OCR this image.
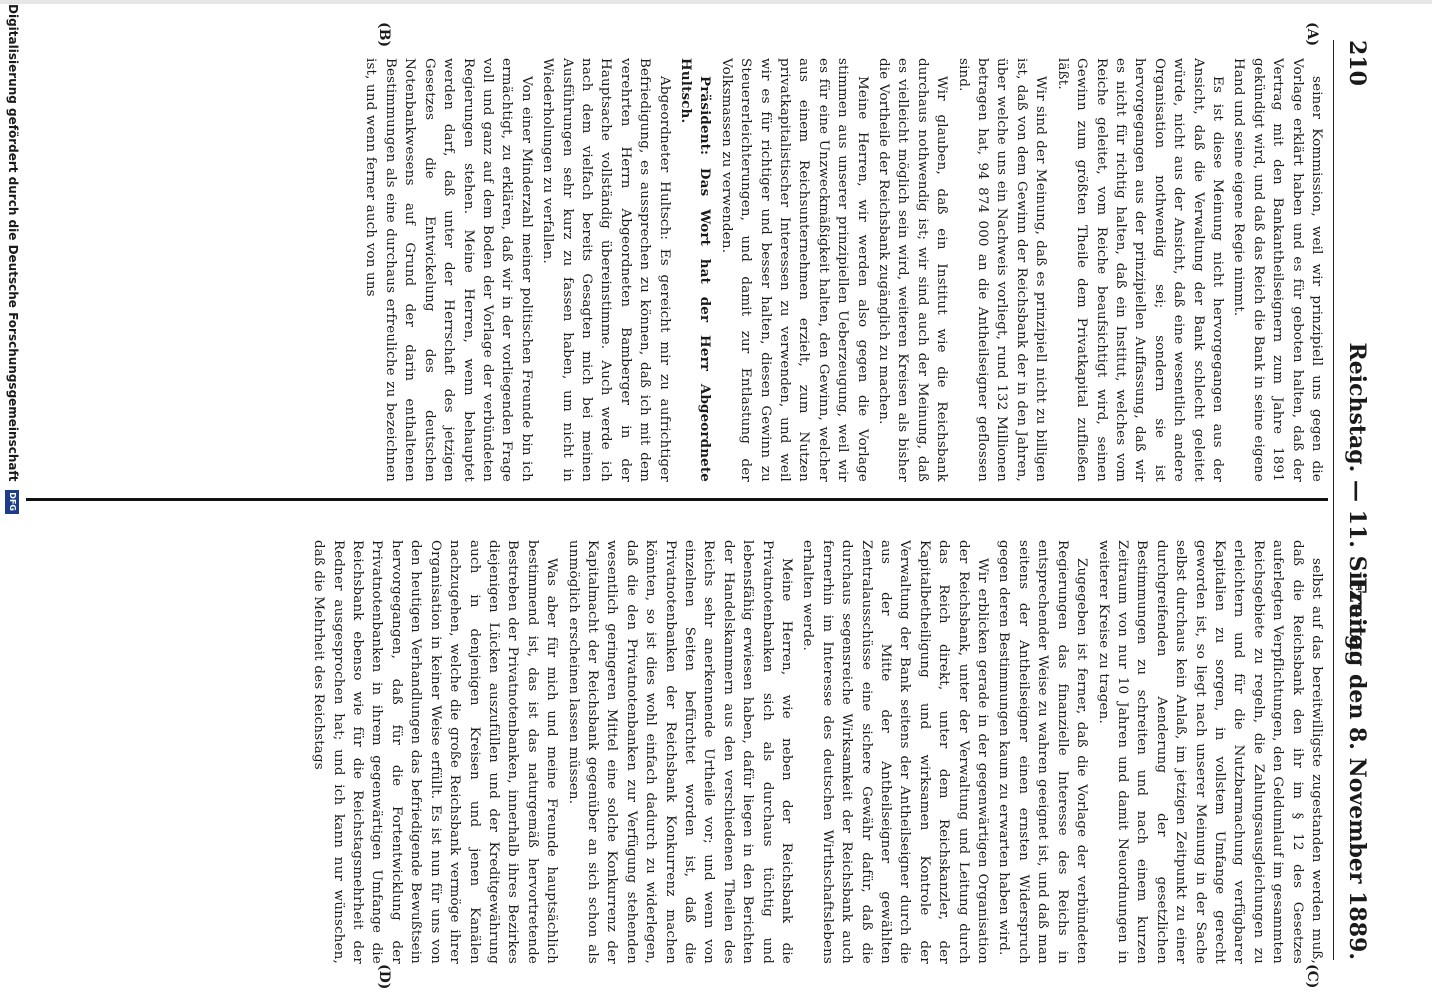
210
Reichstag. — 11. Sitzung.
Freitag den 8. November 1889.
(A)
(B)
(C)
(D)

seiner Kommission, weil wir prinzipiell uns gegen die Vorlage erklärt haben und es für geboten halten, daß der Vertrag mit den Bankantheilseignern zum Jahre 1891 gekündigt wird, und daß das Reich die Bank in seine eigene Hand und seine eigene Regie nimmt.

Es ist diese Meinung nicht hervorgegangen aus der Ansicht, daß die Verwaltung der Bank schlecht geleitet würde, nicht aus der Ansicht, daß eine wesentlich andere Organisation nothwendig sei; sondern sie ist hervorgegangen aus der prinzipiellen Auffassung, daß wir es nicht für richtig halten, daß ein Institut, welches vom Reiche geleitet, vom Reiche beaufsichtigt wird, seinen Gewinn zum größten Theile dem Privatkapital zufließen läßt.

Wir sind der Meinung, daß es prinzipiell nicht zu billigen ist, daß von dem Gewinn der Reichsbank der in den Jahren, über welche uns ein Nachweis vorliegt, rund 132 Millionen betragen hat, 94 874 000 an die Antheilseigner geflossen sind.

Wir glauben, daß ein Institut wie die Reichsbank durchaus nothwendig ist; wir sind auch der Meinung, daß es vielleicht möglich sein wird, weiteren Kreisen als bisher die Vortheile der Reichsbank zugänglich zu machen.

Meine Herren, wir werden also gegen die Vorlage stimmen aus unserer prinzipiellen Ueberzeugung, weil wir es für eine Unzweckmäßigkeit halten, den Gewinn, welcher aus einem Reichsunternehmen erzielt, zum Nutzen privatkapitalistischer Interessen zu verwenden, und weil wir es für richtiger und besser halten, diesen Gewinn zu Steuererleichterungen, und damit zur Entlastung der Volksmassen zu verwenden.

Präsident: Das Wort hat der Herr Abgeordnete Hultsch.

Abgeordneter Hultsch: Es gereicht mir zu aufrichtiger Befriedigung, es aussprechen zu können, daß ich mit dem verehrten Herrn Abgeordneten Bamberger in der Hauptsache vollständig übereinstimme. Auch werde ich nach dem vielfach bereits Gesagten mich bei meinen Ausführungen sehr kurz zu fassen haben, um nicht in Wiederholungen zu verfallen.

Von einer Minderzahl meiner politischen Freunde bin ich ermächtigt, zu erklären, daß wir in der vorliegenden Frage voll und ganz auf dem Boden der Vorlage der verbündeten Regierungen stehen. Meine Herren, wenn behauptet werden darf, daß unter der Herrschaft des jetzigen Gesetzes die Entwickelung des deutschen Notenbankwesens auf Grund der darin enthaltenen Bestimmungen als eine durchaus erfreuliche zu bezeichnen ist, und wenn ferner auch von uns

selbst auf das bereitwilligste zugestanden werden muß, daß die Reichsbank den ihr im § 12 des Gesetzes auferlegten Verpflichtungen, den Geldumlauf im gesammten Reichsgebiete zu regeln, die Zahlungsausgleichungen zu erleichtern und für die Nutzbarmachung verfügbarer Kapitalien zu sorgen, in vollstem Umfange gerecht geworden ist, so liegt nach unserer Meinung in der Sache selbst durchaus kein Anlaß, im jetzigen Zeitpunkt zu einer durchgreifenden Aenderung der gesetzlichen Bestimmungen zu schreiten und nach einem kurzen Zeitraum von nur 10 Jahren und damit Neuordnungen in weiterer Kreise zu tragen.

Zugegeben ist ferner, daß die Vorlage der verbündeten Regierungen das finanzielle Interesse des Reichs in entsprechender Weise zu wahren geeignet ist, und daß man seitens der Antheilseigner einen ernsten Widerspruch gegen deren Bestimmungen kaum zu erwarten haben wird.

Wir erblicken gerade in der gegenwärtigen Organisation der Reichsbank, unter der Verwaltung und Leitung durch das Reich direkt, unter dem Reichskanzler, der Kapitalbetheiligung und wirksamen Kontrole der Verwaltung der Bank seitens der Antheilseigner durch die aus der Mitte der Antheilseigner gewählten Zentralausschüsse eine sichere Gewähr dafür, daß die durchaus segensreiche Wirksamkeit der Reichsbank auch fernerhin im Interesse des deutschen Wirthschaftslebens erhalten werde.

Meine Herren, wie neben der Reichsbank die Privatnotenbanken sich als durchaus tüchtig und lebensfähig erwiesen haben, dafür liegen in den Berichten der Handelskammern aus den verschiedenen Theilen des Reichs sehr anerkennende Urtheile vor; und wenn von einzelnen Seiten befürchtet worden ist, daß die Privatnotenbanken der Reichsbank Konkurrenz machen könnten, so ist dies wohl einfach dadurch zu widerlegen, daß die den Privatnotenbanken zur Verfügung stehenden wesentlich geringeren Mittel eine solche Konkurrenz der Kapitalmacht der Reichsbank gegenüber an sich schon als unmöglich erscheinen lassen müssen.

Was aber für mich und meine Freunde hauptsächlich bestimmend ist, das ist das naturgemäß hervortretende Bestreben der Privatnotenbanken, innerhalb ihres Bezirkes diejenigen Lücken auszufüllen und der Kreditgewährung auch in denjenigen Kreisen und jenen Kanälen nachzugehen, welche die große Reichsbank vermöge ihrer Organisation in keiner Weise erfüllt. Es ist nun für uns von den heutigen Verhandlungen das befriedigende Bewußtsein hervorgegangen, daß für die Fortentwicklung der Privatnotenbanken in ihrem gegenwärtigen Umfange die Reichsbank ebenso wie für die Reichstagsmehrheit der Redner ausgesprochen hat; und ich kann nur wünschen, daß die Mehrheit des Reichstags

Digitalisierung gefördert durch die Deutsche Forschungsgemeinschaft DFG
